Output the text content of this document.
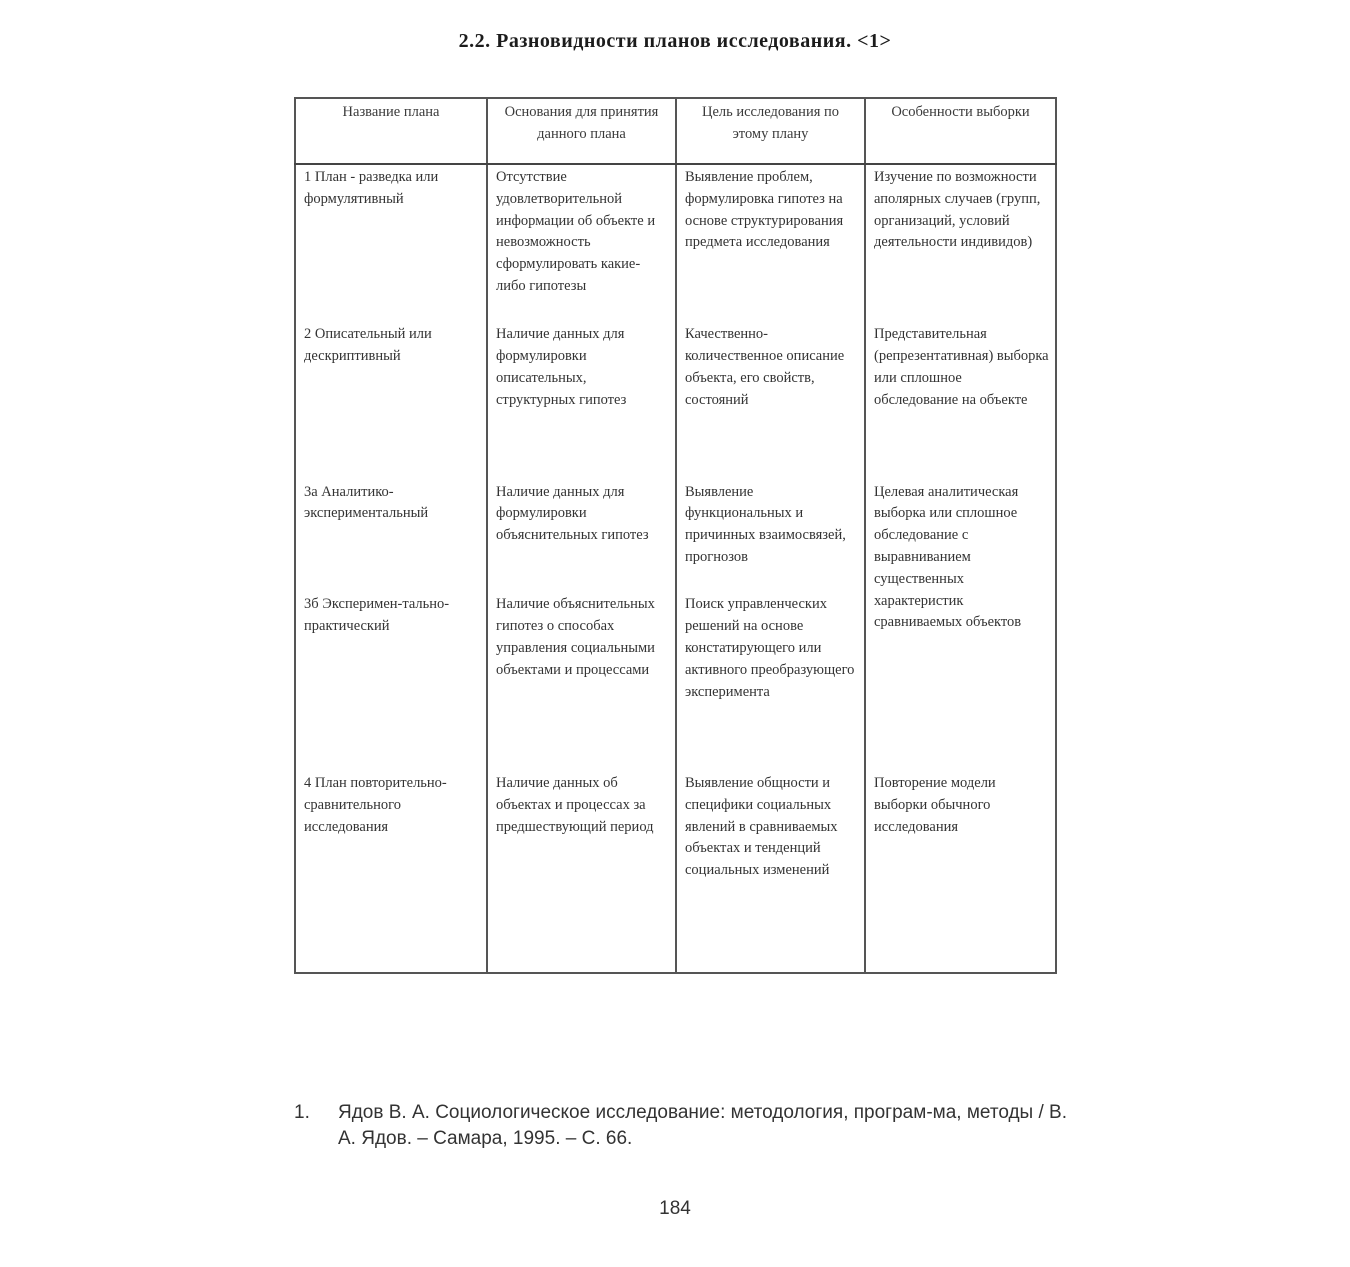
2.2. Разновидности планов исследования. <1>
Название плана	Основания для принятия данного плана	Цель исследования по этому плану	Особенности выборки
1 План - разведка или формулятивный	Отсутствие удовлетворительной информации об объекте и невозможность сформулировать какие-либо гипотезы	Выявление проблем, формулировка гипотез на основе структурирования предмета исследования	Изучение по возможности аполярных случаев (групп, организаций, условий деятельности индивидов)
2 Описательный или дескриптивный	Наличие данных для формулировки описательных, структурных гипотез	Качественно-количественное описание объекта, его свойств, состояний	Представительная (репрезентативная) выборка или сплошное обследование на объекте
3а Аналитико-экспериментальный	Наличие данных для формулировки объяснительных гипотез	Выявление функциональных и причинных взаимосвязей, прогнозов	Целевая аналитическая выборка или сплошное обследование с выравниванием существенных характеристик сравниваемых объектов
3б Эксперимен-тально-практический	Наличие объяснительных гипотез о способах управления социальными объектами и процессами	Поиск управленческих решений на основе констатирующего или активного преобразующего эксперимента	
4 План повторительно-сравнительного исследования	Наличие данных об объектах и процессах за предшествующий период	Выявление общности и специфики социальных явлений в сравниваемых объектах и тенденций социальных изменений	Повторение модели выборки обычного исследования
1. Ядов В. А. Социологическое исследование: методология, програм-ма, методы / В. А. Ядов. – Самара, 1995. – С. 66.
184
